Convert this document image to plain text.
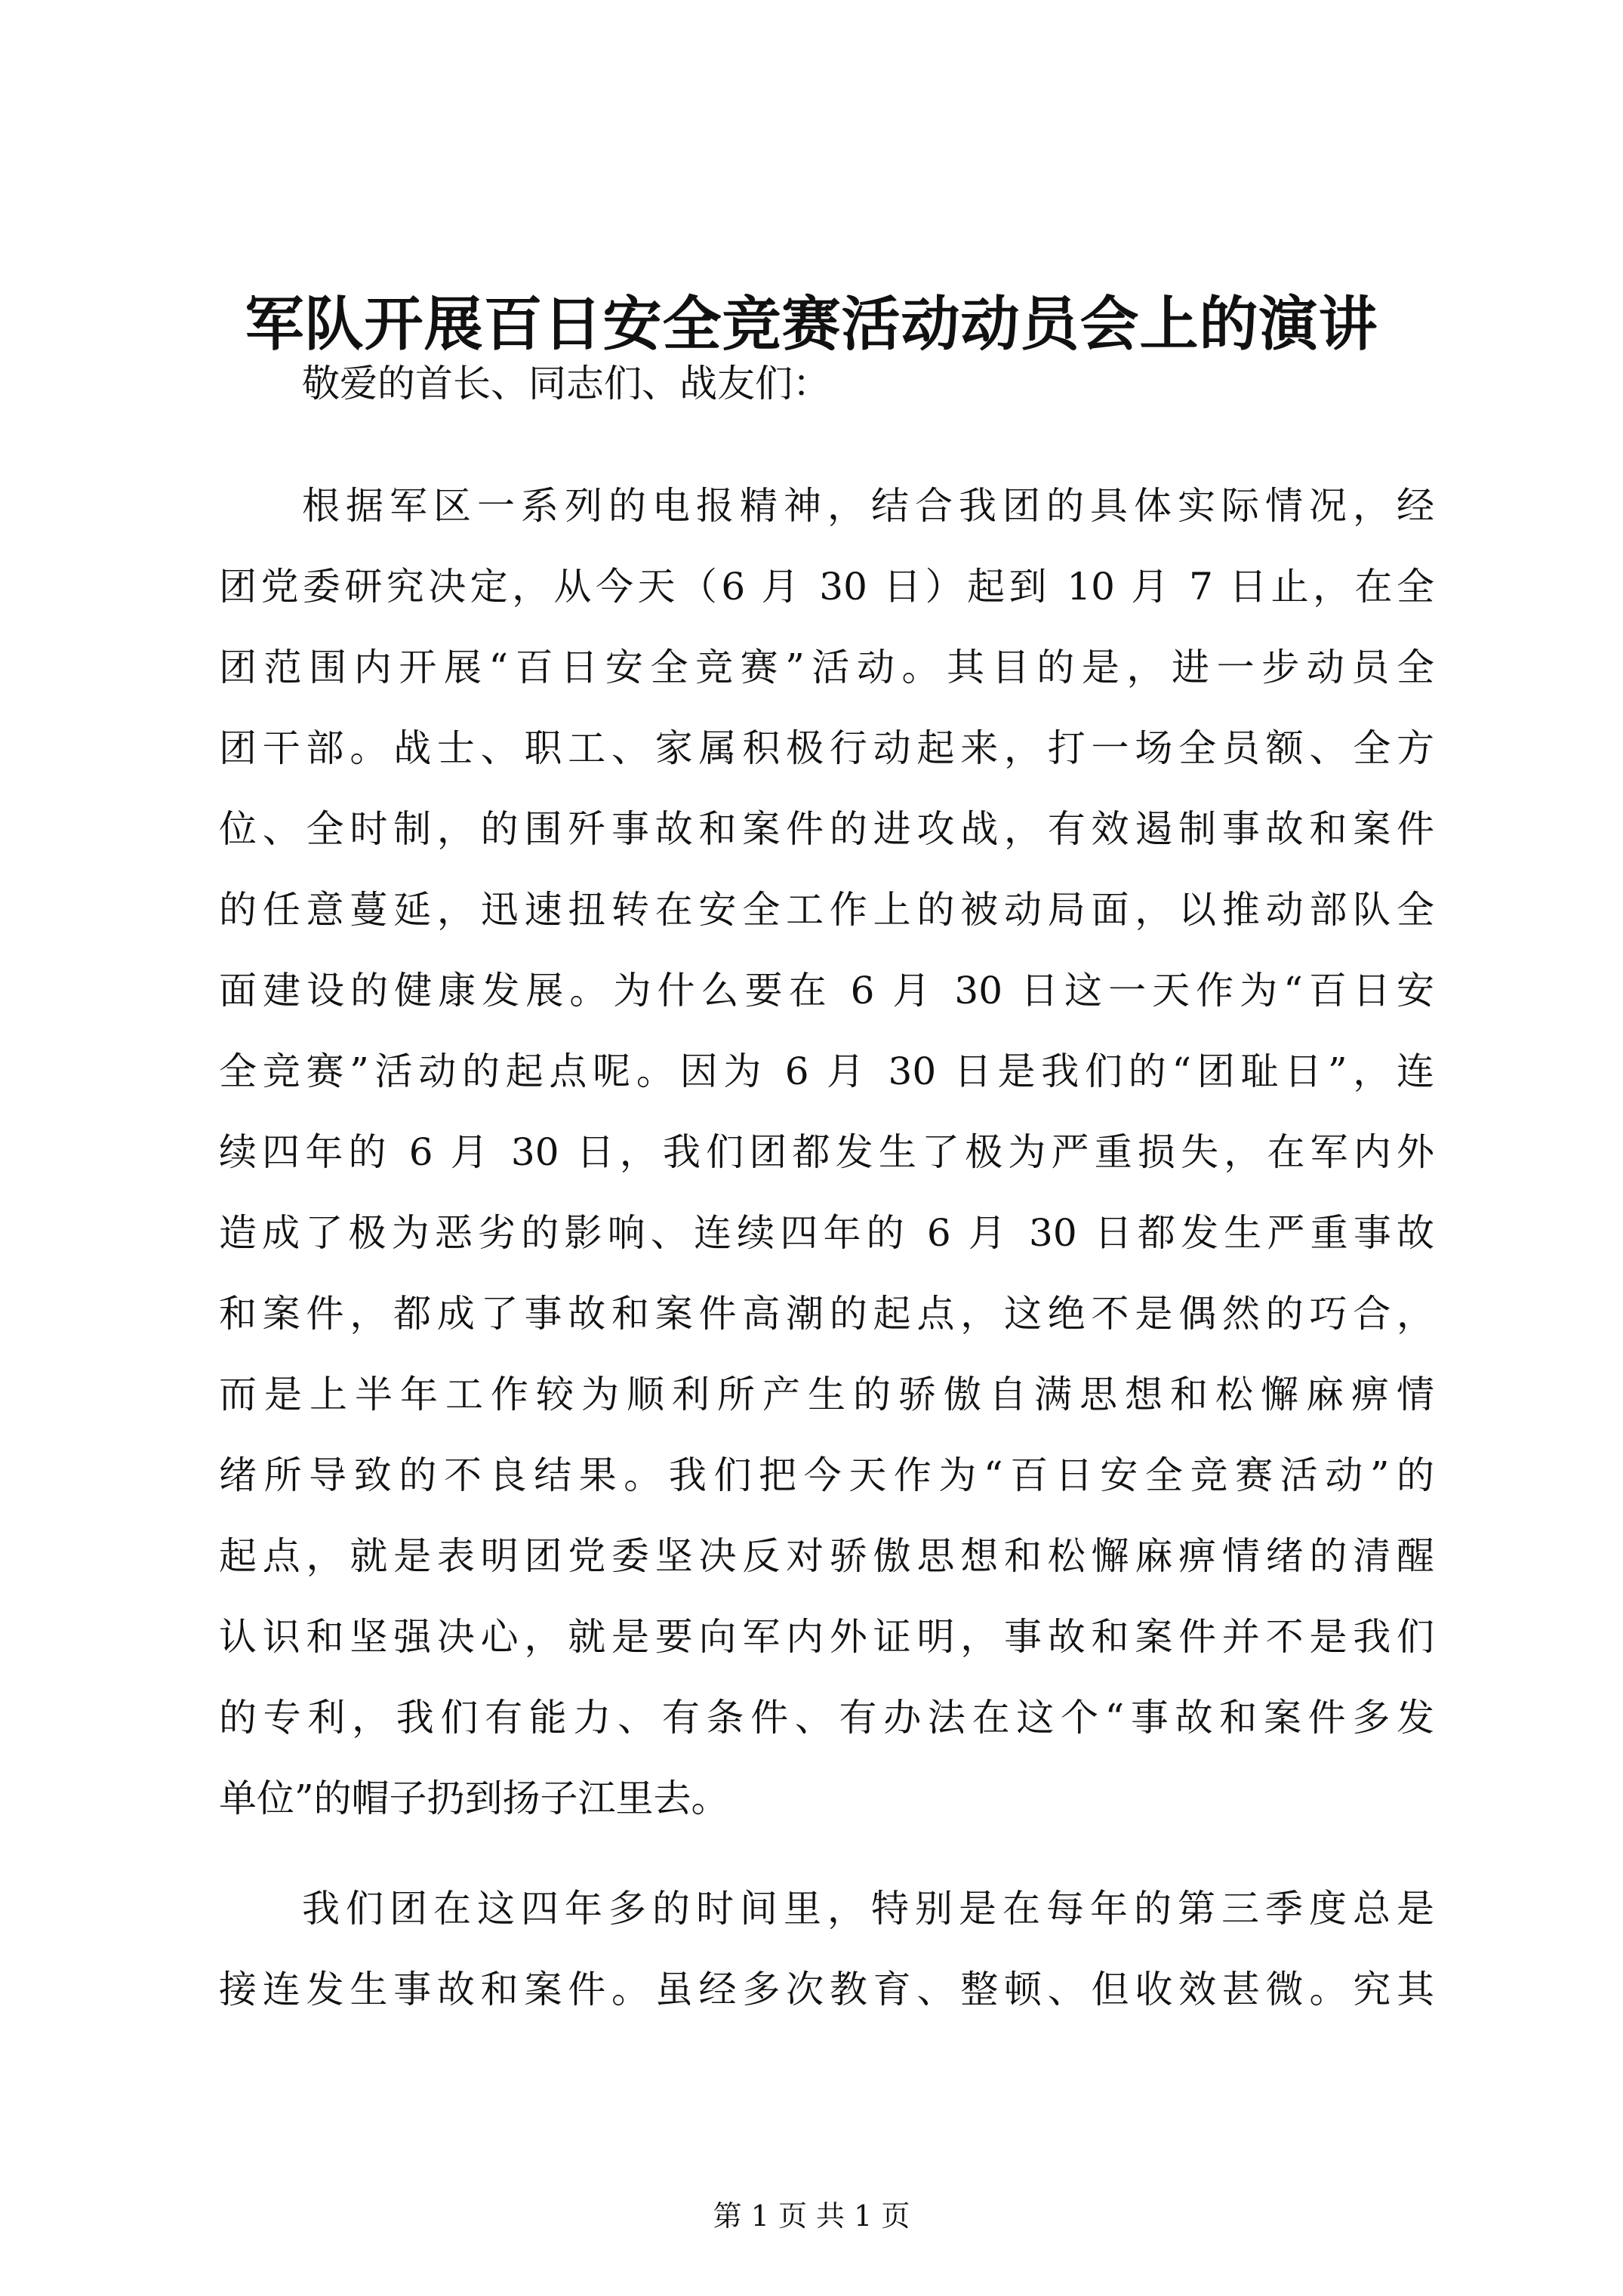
军队开展百日安全竞赛活动动员会上的演讲
敬爱的首长、同志们、战友们：
根据军区一系列的电报精神，结合我团的具体实际情况，经
团党委研究决定，从今天（6 月 30 日）起到 10 月 7 日止，在全
团范围内开展“百日安全竞赛”活动。其目的是，进一步动员全
团干部。战士、职工、家属积极行动起来，打一场全员额、全方
位、全时制，的围歼事故和案件的进攻战，有效遏制事故和案件
的任意蔓延，迅速扭转在安全工作上的被动局面，以推动部队全
面建设的健康发展。为什么要在 6 月 30 日这一天作为“百日安
全竞赛”活动的起点呢。因为 6 月 30 日是我们的“团耻日”，连
续四年的 6 月 30 日，我们团都发生了极为严重损失，在军内外
造成了极为恶劣的影响、连续四年的 6 月 30 日都发生严重事故
和案件，都成了事故和案件高潮的起点，这绝不是偶然的巧合，
而是上半年工作较为顺利所产生的骄傲自满思想和松懈麻痹情
绪所导致的不良结果。我们把今天作为“百日安全竞赛活动”的
起点，就是表明团党委坚决反对骄傲思想和松懈麻痹情绪的清醒
认识和坚强决心，就是要向军内外证明，事故和案件并不是我们
的专利，我们有能力、有条件、有办法在这个“事故和案件多发
单位”的帽子扔到扬子江里去。
我们团在这四年多的时间里，特别是在每年的第三季度总是
接连发生事故和案件。虽经多次教育、整顿、但收效甚微。究其
第 1 页 共 1 页
